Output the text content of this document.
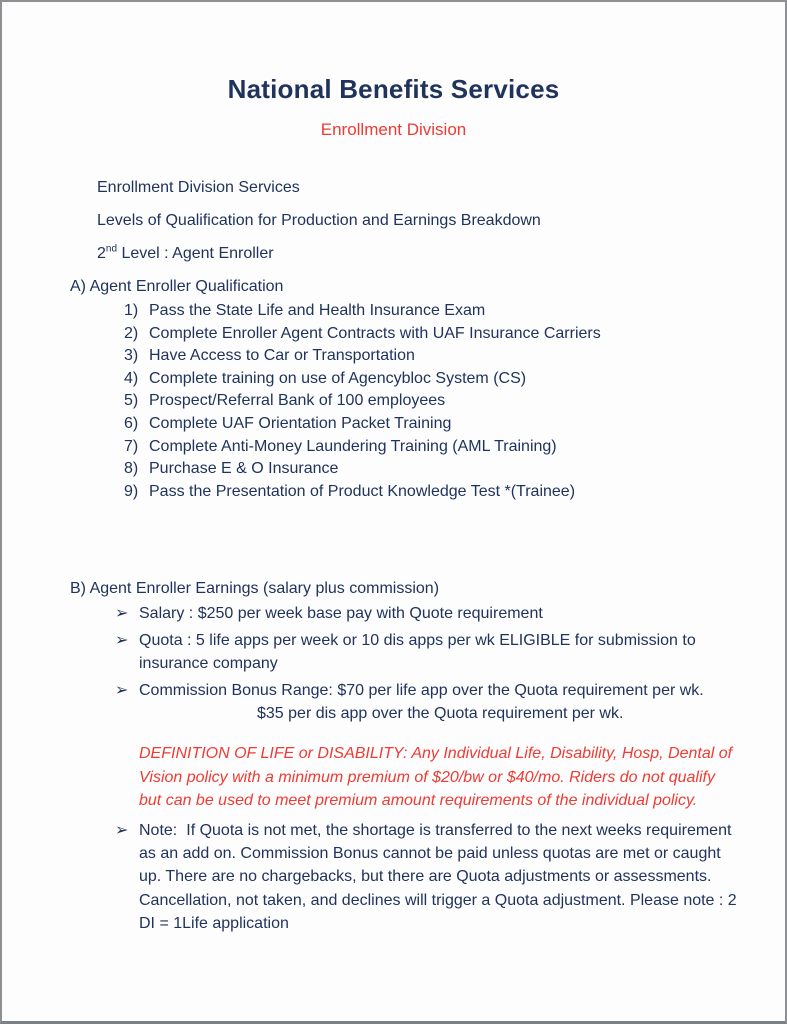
National Benefits Services
Enrollment Division
Enrollment Division Services
Levels of Qualification for Production and Earnings Breakdown
2nd Level : Agent Enroller
A) Agent Enroller Qualification
1) Pass the State Life and Health Insurance Exam
2) Complete Enroller Agent Contracts with UAF Insurance Carriers
3) Have Access to Car or Transportation
4) Complete training on use of Agencybloc System (CS)
5) Prospect/Referral Bank of 100 employees
6) Complete UAF Orientation Packet Training
7) Complete Anti-Money Laundering Training (AML Training)
8) Purchase E & O Insurance
9) Pass the Presentation of Product Knowledge Test *(Trainee)
B) Agent Enroller Earnings (salary plus commission)
➢ Salary : $250 per week base pay with Quote requirement
➢ Quota : 5 life apps per week or 10 dis apps per wk ELIGIBLE for submission to insurance company
➢ Commission Bonus Range: $70 per life app over the Quota requirement per wk.
$35 per dis app over the Quota requirement per wk.
DEFINITION OF LIFE or DISABILITY: Any Individual Life, Disability, Hosp, Dental of Vision policy with a minimum premium of $20/bw or $40/mo. Riders do not qualify but can be used to meet premium amount requirements of the individual policy.
➢ Note: If Quota is not met, the shortage is transferred to the next weeks requirement as an add on. Commission Bonus cannot be paid unless quotas are met or caught up. There are no chargebacks, but there are Quota adjustments or assessments. Cancellation, not taken, and declines will trigger a Quota adjustment. Please note : 2 DI = 1Life application
